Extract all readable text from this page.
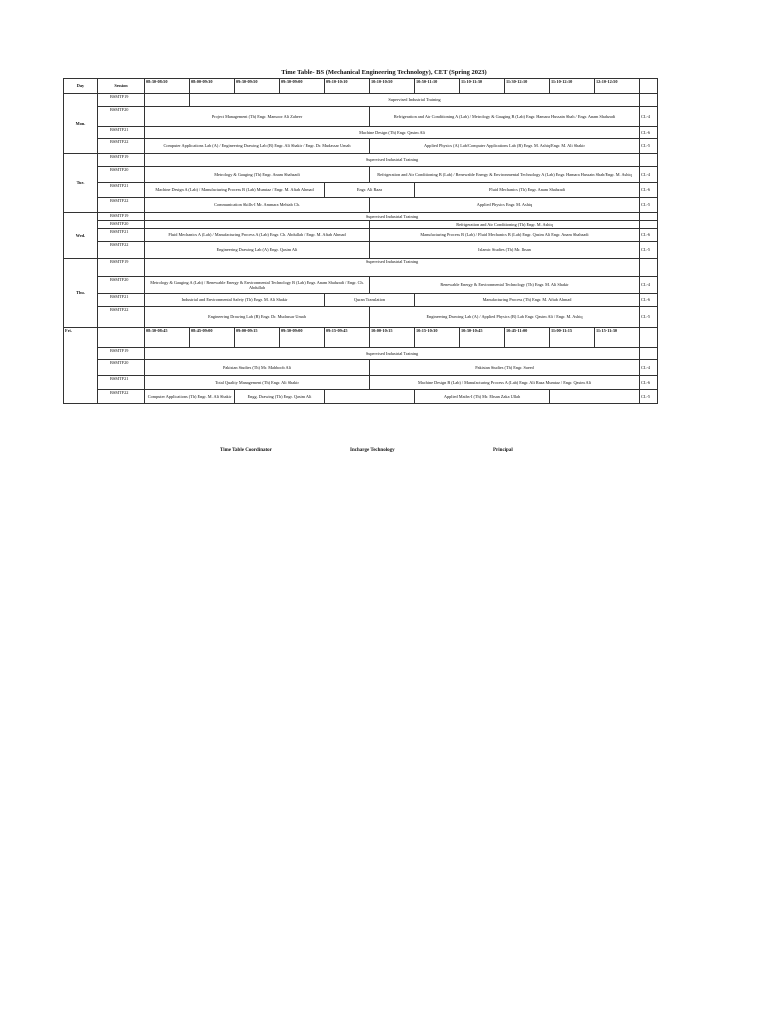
Time Table- BS (Mechanical Engineering Technology), CET (Spring 2023)
Day	Session	08:30-08:50	08:00-09:30	09:30-09:50	09:30-09:00	09:10-10:10	10:10-10:50	10:50-11:10	11:10-11:30	11:30-12:10	11:10-12:10	12:10-12:50	
Mon.	BSMTF19		Supervised Industrial Training										
	BSMTF20	Project Management (Th) Engr. Mansoor Ali Zaheer					Refrigeration and Air Conditioning A (Lab) / Metrology & Gauging B (Lab) Engr. Hamara Hussain Shah / Engr. Anam Shahzadi						CL-4
	BSMTF21	Machine Design (Th) Engr. Qasim Ali											CL-6
	BSMTF22	Computer Applications Lab (A) / Engineering Drawing Lab (B) Engr. Ali Shakir / Engr. Dr. Mudassar Umah					Applied Physics (A) Lab/Computer Applications Lab (B) Engr. M. Ashiq/Engr. M. Ali Shakir						CL-5
Tue.	BSMTF19	Supervised Industrial Training											
	BSMTF20	Metrology & Gauging (Th) Engr. Anam Shahzadi					Refrigeration and Air Conditioning B (Lab) / Renewable Energy & Environmental Technology A (Lab) Engr. Hamara Hussain Shah/Engr. M. Ashiq						CL-4
	BSMTF21	Machine Design A (Lab) / Manufacturing Process B (Lab) Mumtaz / Engr. M. Aftab Ahmad				Engr. Ali Raza		Fluid Mechanics (Th) Engr. Anam Shahzadi					CL-6
	BSMTF22	Communication Skills-I Mr. Ammara Mehtab Ch.					Applied Physics Engr. M. Ashiq						CL-5
Wed.	BSMTF19	Supervised Industrial Training											
	BSMTF20						Refrigeration and Air Conditioning (Th) Engr. M. Ashiq						
	BSMTF21	Fluid Mechanics A (Lab) / Manufacturing Process A (Lab) Engr. Ch. Abdullah / Engr. M. Aftab Ahmad					Manufacturing Process B (Lab) / Fluid Mechanics B (Lab) Engr. Qasim Ali Engr. Anam Shahzadi						CL-6
	BSMTF22	Engineering Drawing Lab (A) Engr. Qasim Ali					Islamic Studies (Th) Mr. Ihsan						CL-5
Thu.	BSMTF19	Supervised Industrial Training											
	BSMTF20	Metrology & Gauging A (Lab) / Renewable Energy & Environmental Technology B (Lab) Engr. Anam Shahzadi / Engr. Ch. Abdullah					Renewable Energy & Environmental Technology (Th) Engr. M. Ali Shakir						CL-4
	BSMTF21	Industrial and Environmental Safety (Th) Engr. M. Ali Shakir				Quran Translation		Manufacturing Process (Th) Engr. M. Aftab Ahmad					CL-6
	BSMTF22	Engineering Drawing Lab (B) Engr. Dr. Mudassar Umah					Engineering Drawing Lab (A) / Applied Physics (B) Lab Engr. Qasim Ali / Engr. M. Ashiq						CL-5
Fri.		08:30-08:45	08:45-09:00	09:00-09:15	09:30-09:00	09:15-09:45	10:00-10:15	10:15-10:30	10:30-10:45	10:45-11:00	11:00-11:15	11:15-11:30	
	BSMTF19	Supervised Industrial Training											
	BSMTF20	Pakistan Studies (Th) Mr. Mahboob Ali					Pakistan Studies (Th) Engr. Saeed						CL-4
	BSMTF21	Total Quality Management (Th) Engr. Ali Shakir					Machine Design B (Lab) / Manufacturing Process A (Lab) Engr. Ali Raza Mumtaz / Engr. Qasim Ali						CL-6
	BSMTF22	Computer Applications (Th) Engr. M. Ali Shakir		Engg. Drawing (Th) Engr. Qasim Ali				Applied Maths-I (Th) Mr. Ehsan Zaka Ullah					CL-5
Time Table Coordinator	Incharge Technology	Principal
